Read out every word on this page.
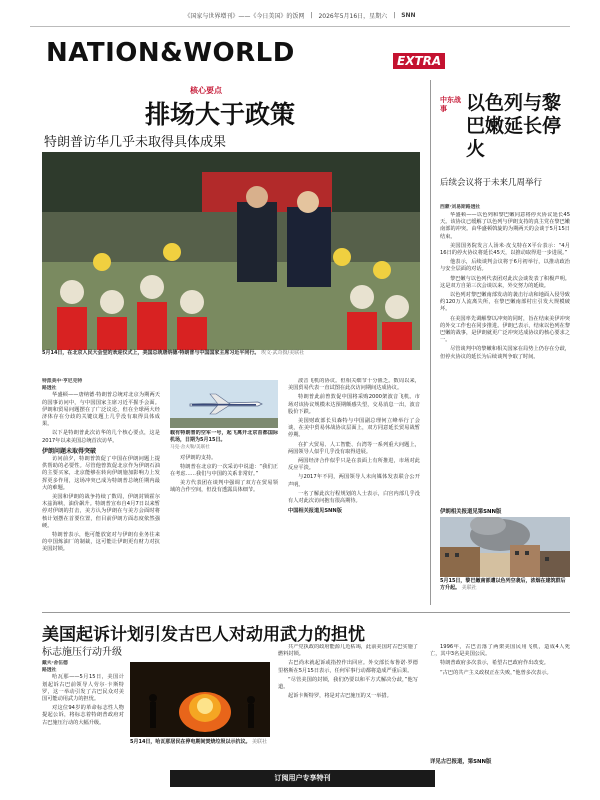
《国家与世界增刊》——《今日美国》的饭网 | 2026年5月16日，星期六 | SNN
NATION&WORLD	EXTRA
核心要点
排场大于政策
特朗普访华几乎未取得具体成果
5月14日，在北京人民大会堂的欢迎仪式上，美国总统唐纳德·特朗普与中国国家主席习近平同行。 埃文·武奇摄/美联社
特派美中·亨尼克特
路透社

华盛顿——唐纳德·特朗普总统对北京为期两天的国事访问中，与中国国家主席习近平握手会面。伊朗和贸易问题摆在了广泛议论，但在全球两大经济体存在分歧的关键议题上几乎没有取得具体成果。

以下是特朗普此次访华的几个核心要点，这是2017年以来美国总统首次访华。

伊朗问题未取得突破

访问前夕，特朗普敦促了中国在伊朗问题上提供帮助的必要性。尽管他曾敦促北京作为伊朗石油的主要买家，北京能够在转向伊朗施加影响力上发挥更多作用，这场冲突已成为特朗普总统任期内最大的难题。

美国和伊朗的战争持续了数周，伊朗封锁霍尔木兹海峡，油价飙升。特朗普宣布自4月7日以来暂停对伊朗的打击，美方认为伊朗在与美方会面时将核计划摆在首要位置，但目前伊朗方面态度依然强硬。

特朗普表示，他可能放宽对与伊朗有业务往来的中国炼油厂的制裁，这可能让伊朗更有财力对抗美国封锁。

载有特朗普的空军一号，起飞离开北京首都国际机场，日期为5月15日。
马克·舍夫勒/美联社

对伊朗的支持。

特朗普在北京的一次采访中说道：“我们正在考虑……我们与中国的关系非常好。”

美方代表团在谈判中强调了双方在贸易领域的合作空间，但没有透露具体细节。

波音飞机的协议。但相关细节十分匮乏。数周以来，美国贸易代表一直试图在此次访问期间达成协议。

特朗普此前曾敦促中国将采购2000架波音飞机。市场对该协议规模未达预期颇感失望，交易消息一出，波音股价下跌。

美国财政部长贝森特与中国副总理何立峰举行了会谈，在美中贸易休战协议层面上，双方同意延长贸易战暂停期。

在扩大贸易、人工智能、台湾等一系列重大问题上，两国领导人似乎几乎没有取得进展。

两国经济合作似乎只是在表面上有所推进，市场对此反应平淡。

与2017年不同，两国领导人未向媒体发表联合公开声明。

一名了解此次行程规划的人士表示，白宫内部几乎没有人对此次访问抱有很高期待。

中国相关报道见SNN版
中东战事	以色列与黎巴嫩延长停火
后续会议将于未来几周举行
西蒙·刘易斯路透社

华盛顿——以色列和黎巴嫩同意将停火协议延长45天。该协议已缓解了以色列与伊朗支持的真主党在黎巴嫩南部的冲突。由华盛顿斡旋的为期两天的会谈于5月15日结束。

美国国务院发言人汤米·皮戈特在X平台表示：“4月16日的停火协议将延长45天，以推动取得进一步进展。”

他表示，后续谈判会议将于6月初举行，以推动政治与安全层面的对话。

黎巴嫩与以色列代表团对此次会谈发表了积极声明。这是双方自第三次会谈以来，外交努力的延续。

以色列对黎巴嫩南部发动的袭击行动和地面入侵导致约120万人流离失所，在黎巴嫩南部村庄引发大规模破坏。

在美国率先调解黎以冲突的同时，旨在结束美伊冲突的外交工作也在同步推进。伊朗已表示，结束以色列在黎巴嫩的战事，是伊朗就更广泛冲突达成协议的核心要求之一。

尽管谈判中的黎嫩和相关国家在局势上仍存在分歧，但停火协议的延长为后续谈判争取了时间。

伊朗相关报道见第SNN版
5月15日，黎巴嫩南部遭以色列空袭后，浓烟在建筑群后方升起。 美联社
美国起诉计划引发古巴人对动用武力的担忧
标志施压行动升级
戴夫·舍伍德
路透社

哈瓦那——5月15日，美国计划起诉古巴前领导人劳尔·卡斯特罗，这一举动引发了古巴民众对美国可能动用武力的担忧。

对这位94岁的革命标志性人物提起公诉，将标志着特朗普政府对古巴施压行动的大幅升级。

5月14日，哈瓦那居民在停电期间焚烧垃圾以示抗议。 美联社

共产党执政的政府能源几近枯竭，此前美国对古巴实施了燃料封锁。

古巴尚未就起诉或指控作出回应。外交部长布鲁诺·罗德里格斯在5月15日表示，任何军事行动都将造成严重后果。

“尽管美国的封锁，我们仍要以和平方式解决分歧，”他写道。

起诉卡斯特罗，将是对古巴施压的又一举措。

1996年，古巴击落了两架美国民用飞机，造成4人死亡，其中3名是美国公民。

特朗普政府多次表示，希望古巴政府作出改变。

“古巴的共产主义政权正在失败，”他曾多次表示。

详见古巴报道，第SNN版
订阅用户专享特刊
